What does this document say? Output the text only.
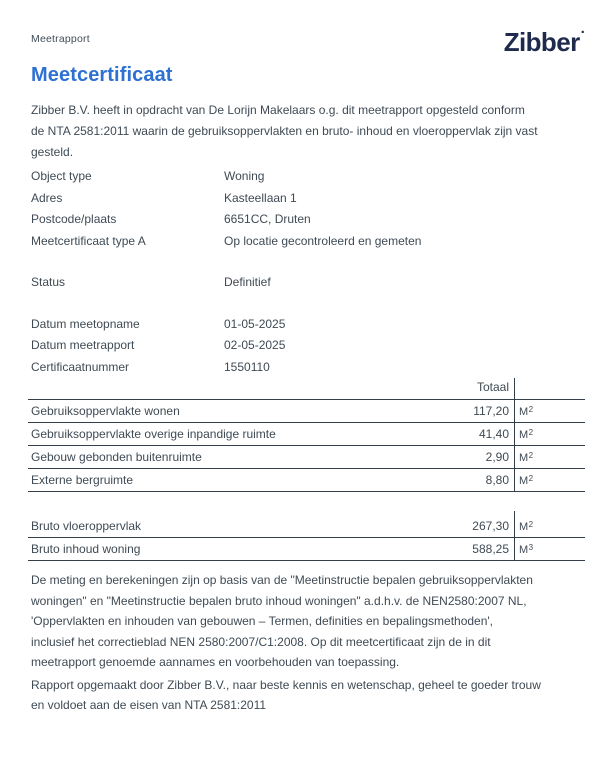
Meetrapport	Zibber·
Meetcertificaat
Zibber B.V. heeft in opdracht van De Lorijn Makelaars o.g. dit meetrapport opgesteld conform
de NTA 2581:2011 waarin de gebruiksoppervlakten en bruto- inhoud en vloeroppervlak zijn vast
gesteld.
Object type	Woning
Adres	Kasteellaan 1
Postcode/plaats	6651CC, Druten
Meetcertificaat type A	Op locatie gecontroleerd en gemeten
Status	Definitief
Datum meetopname	01-05-2025
Datum meetrapport	02-05-2025
Certificaatnummer	1550110
Totaal
Gebruiksoppervlakte wonen	117,20 $M^2$
Gebruiksoppervlakte overige inpandige ruimte	41,40 $M^2$
Gebouw gebonden buitenruimte	2,90 $M^2$
Externe bergruimte	8,80 $M^2$
Bruto vloeroppervlak	267,30 $M^2$
Bruto inhoud woning	588,25 $M^3$
De meting en berekeningen zijn op basis van de "Meetinstructie bepalen gebruiksoppervlakten
woningen" en "Meetinstructie bepalen bruto inhoud woningen" a.d.h.v. de NEN2580:2007 NL,
'Oppervlakten en inhouden van gebouwen – Termen, definities en bepalingsmethoden',
inclusief het correctieblad NEN 2580:2007/C1:2008. Op dit meetcertificaat zijn de in dit
meetrapport genoemde aannames en voorbehouden van toepassing.
Rapport opgemaakt door Zibber B.V., naar beste kennis en wetenschap, geheel te goeder trouw
en voldoet aan de eisen van NTA 2581:2011
